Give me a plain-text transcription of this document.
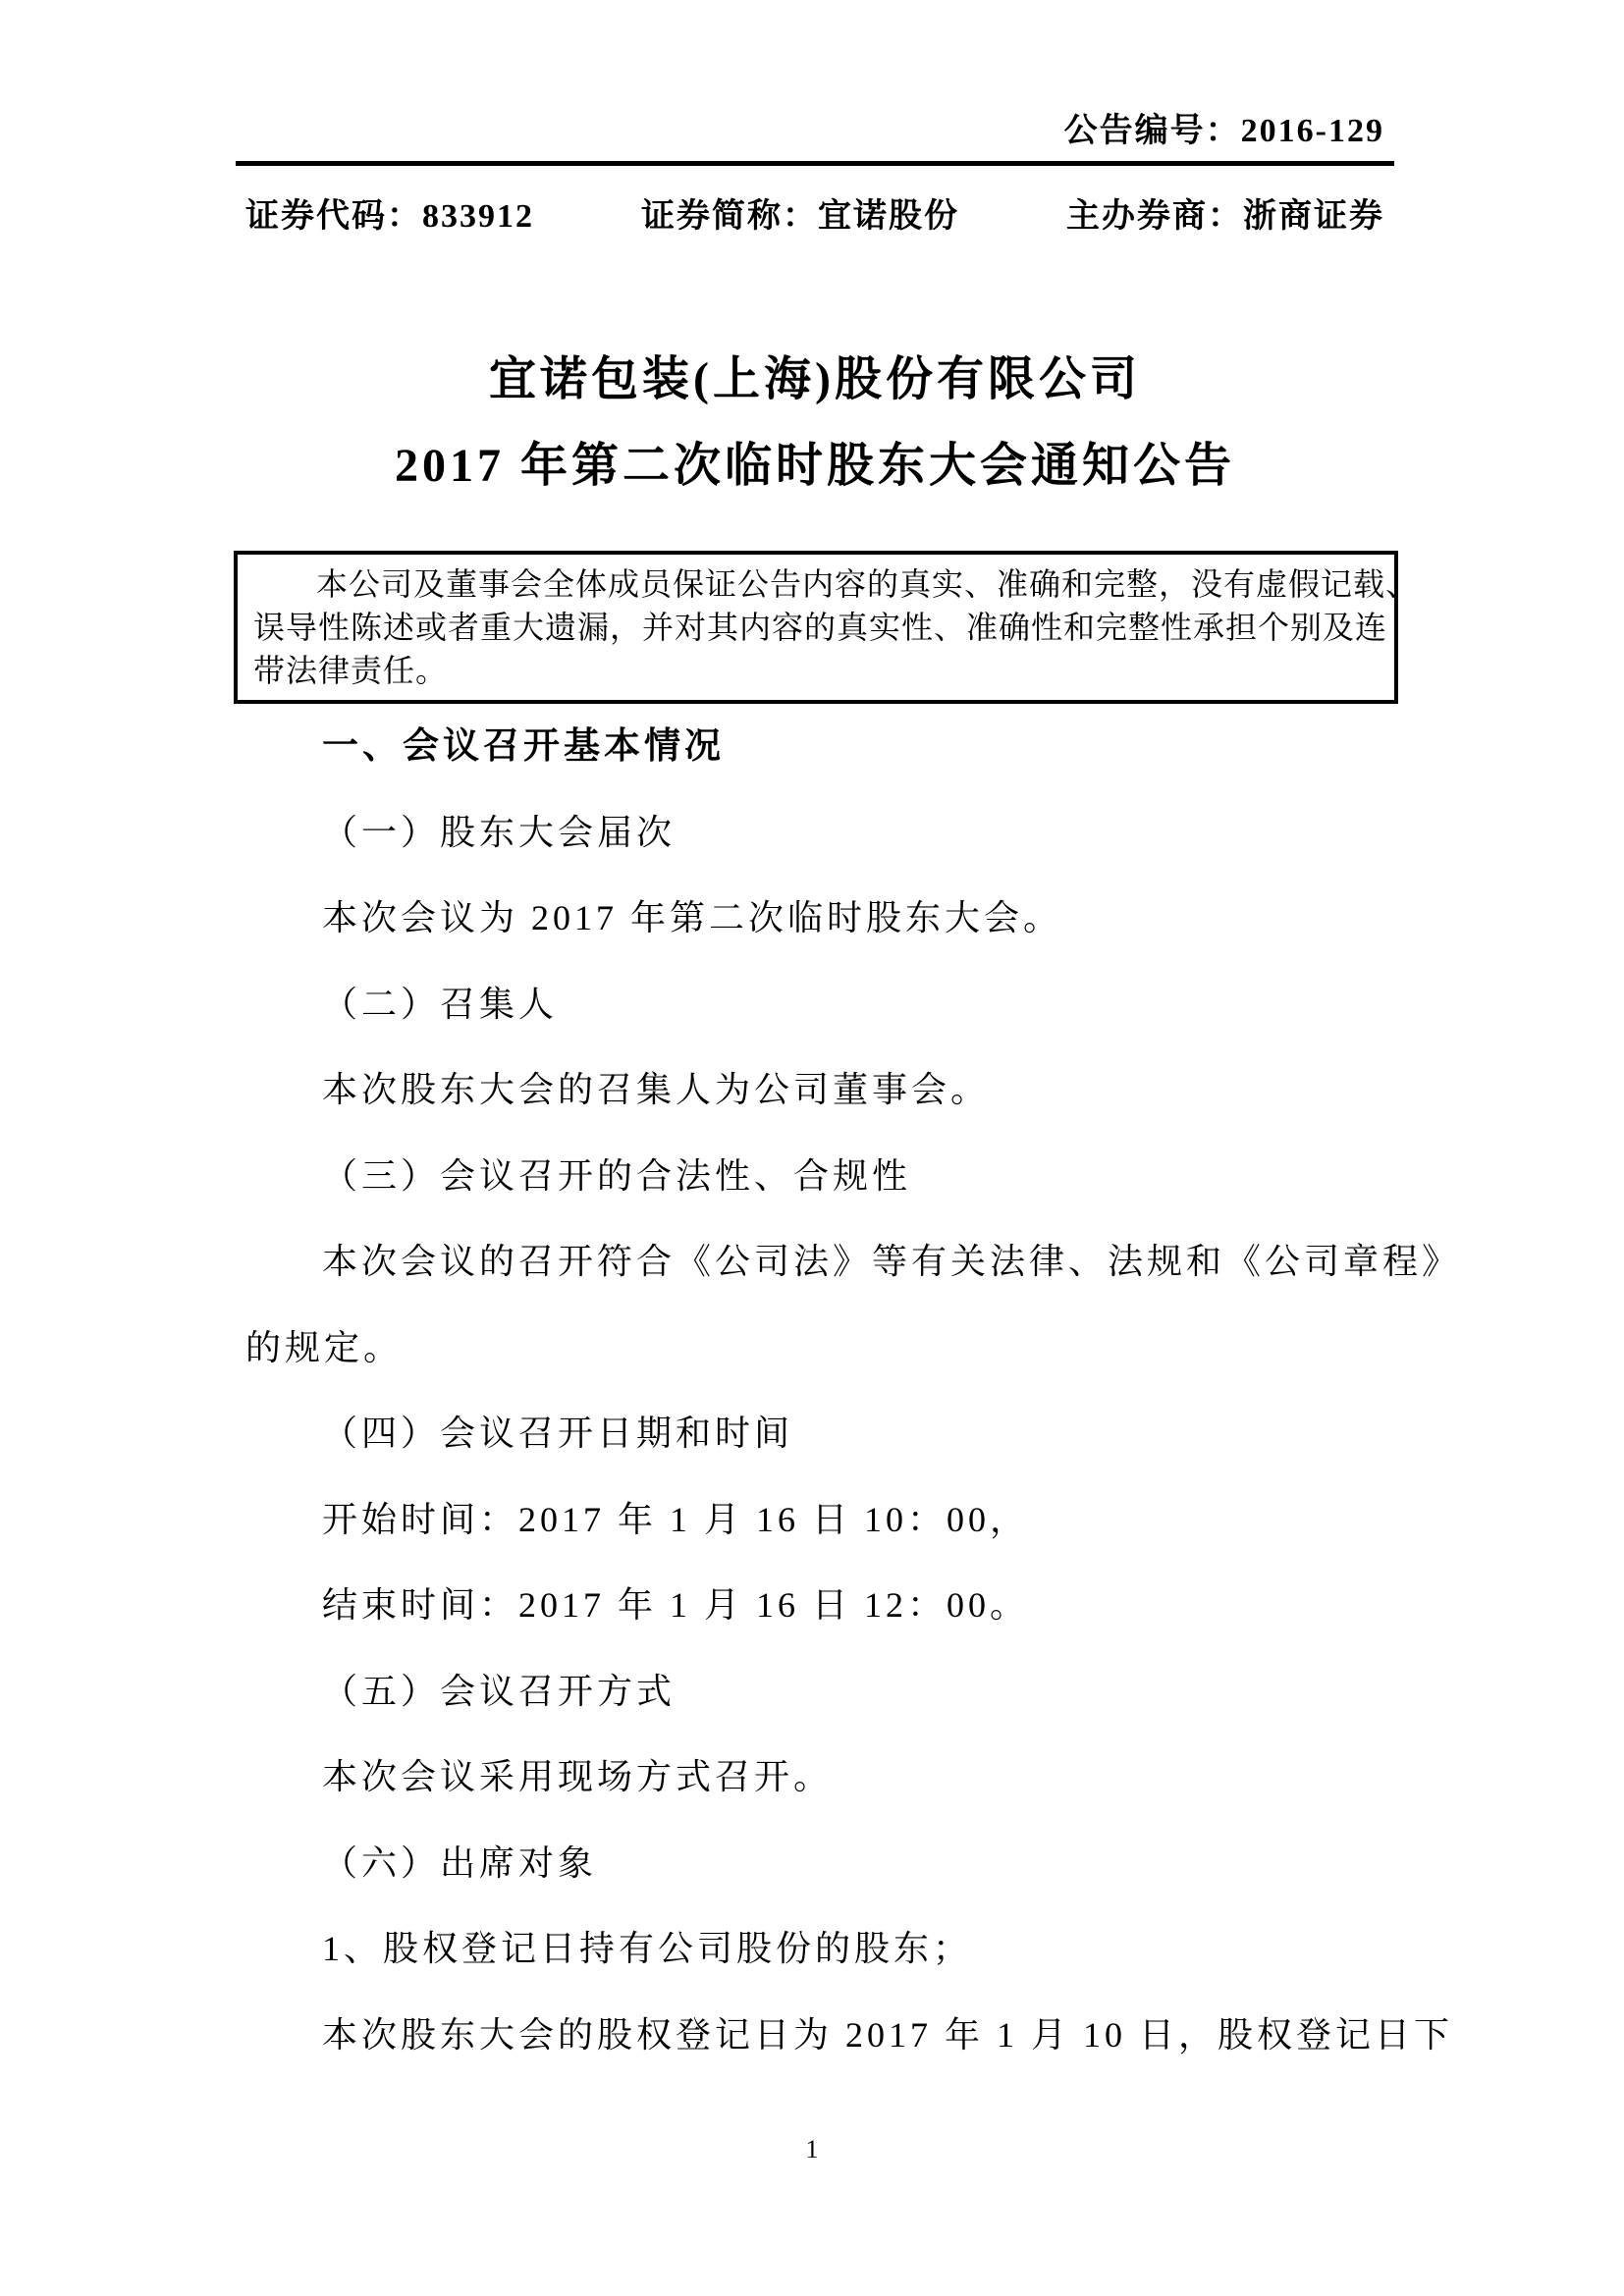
公告编号：2016-129
证券代码：833912	证券简称：宜诺股份	主办券商：浙商证券
宜诺包装(上海)股份有限公司
2017 年第二次临时股东大会通知公告
本公司及董事会全体成员保证公告内容的真实、准确和完整，没有虚假记载、
误导性陈述或者重大遗漏，并对其内容的真实性、准确性和完整性承担个别及连
带法律责任。

一、会议召开基本情况

（一）股东大会届次

本次会议为 2017 年第二次临时股东大会。

（二）召集人

本次股东大会的召集人为公司董事会。

（三）会议召开的合法性、合规性

本次会议的召开符合《公司法》等有关法律、法规和《公司章程》

的规定。

（四）会议召开日期和时间

开始时间：2017 年 1 月 16 日 10：00，

结束时间：2017 年 1 月 16 日 12：00。

（五）会议召开方式

本次会议采用现场方式召开。

（六）出席对象

1、股权登记日持有公司股份的股东；

本次股东大会的股权登记日为 2017 年 1 月 10 日，股权登记日下

1
